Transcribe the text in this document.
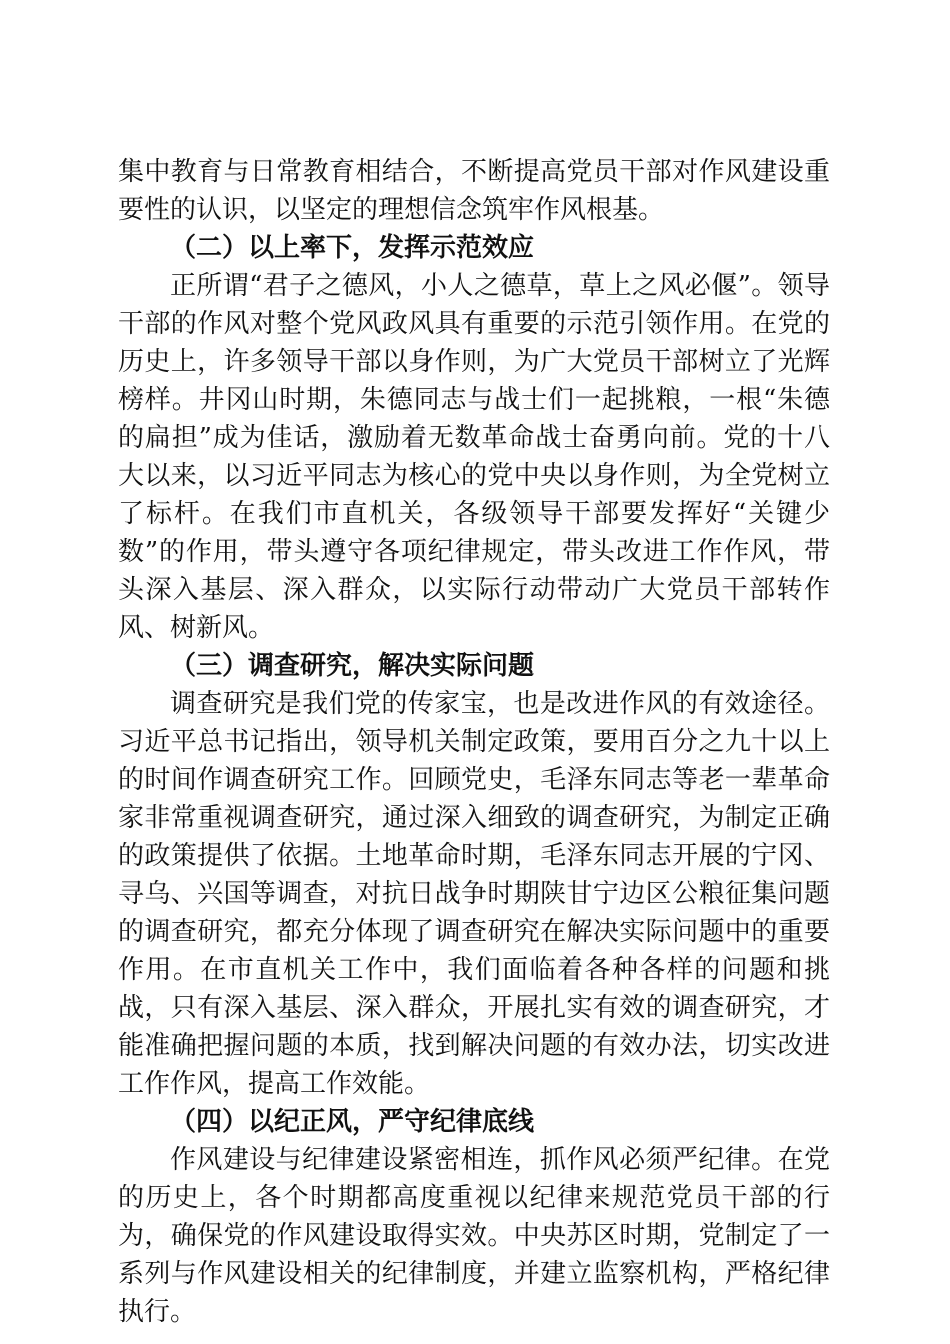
集中教育与日常教育相结合，不断提高党员干部对作风建设重要性的认识，以坚定的理想信念筑牢作风根基。

（二）以上率下，发挥示范效应

正所谓“君子之德风，小人之德草，草上之风必偃”。领导干部的作风对整个党风政风具有重要的示范引领作用。在党的历史上，许多领导干部以身作则，为广大党员干部树立了光辉榜样。井冈山时期，朱德同志与战士们一起挑粮，一根“朱德的扁担”成为佳话，激励着无数革命战士奋勇向前。党的十八大以来，以习近平同志为核心的党中央以身作则，为全党树立了标杆。在我们市直机关，各级领导干部要发挥好“关键少数”的作用，带头遵守各项纪律规定，带头改进工作作风，带头深入基层、深入群众，以实际行动带动广大党员干部转作风、树新风。

（三）调查研究，解决实际问题

调查研究是我们党的传家宝，也是改进作风的有效途径。习近平总书记指出，领导机关制定政策，要用百分之九十以上的时间作调查研究工作。回顾党史，毛泽东同志等老一辈革命家非常重视调查研究，通过深入细致的调查研究，为制定正确的政策提供了依据。土地革命时期，毛泽东同志开展的宁冈、寻乌、兴国等调查，对抗日战争时期陕甘宁边区公粮征集问题的调查研究，都充分体现了调查研究在解决实际问题中的重要作用。在市直机关工作中，我们面临着各种各样的问题和挑战，只有深入基层、深入群众，开展扎实有效的调查研究，才能准确把握问题的本质，找到解决问题的有效办法，切实改进工作作风，提高工作效能。

（四）以纪正风，严守纪律底线

作风建设与纪律建设紧密相连，抓作风必须严纪律。在党的历史上，各个时期都高度重视以纪律来规范党员干部的行为，确保党的作风建设取得实效。中央苏区时期，党制定了一系列与作风建设相关的纪律制度，并建立监察机构，严格纪律执行。
